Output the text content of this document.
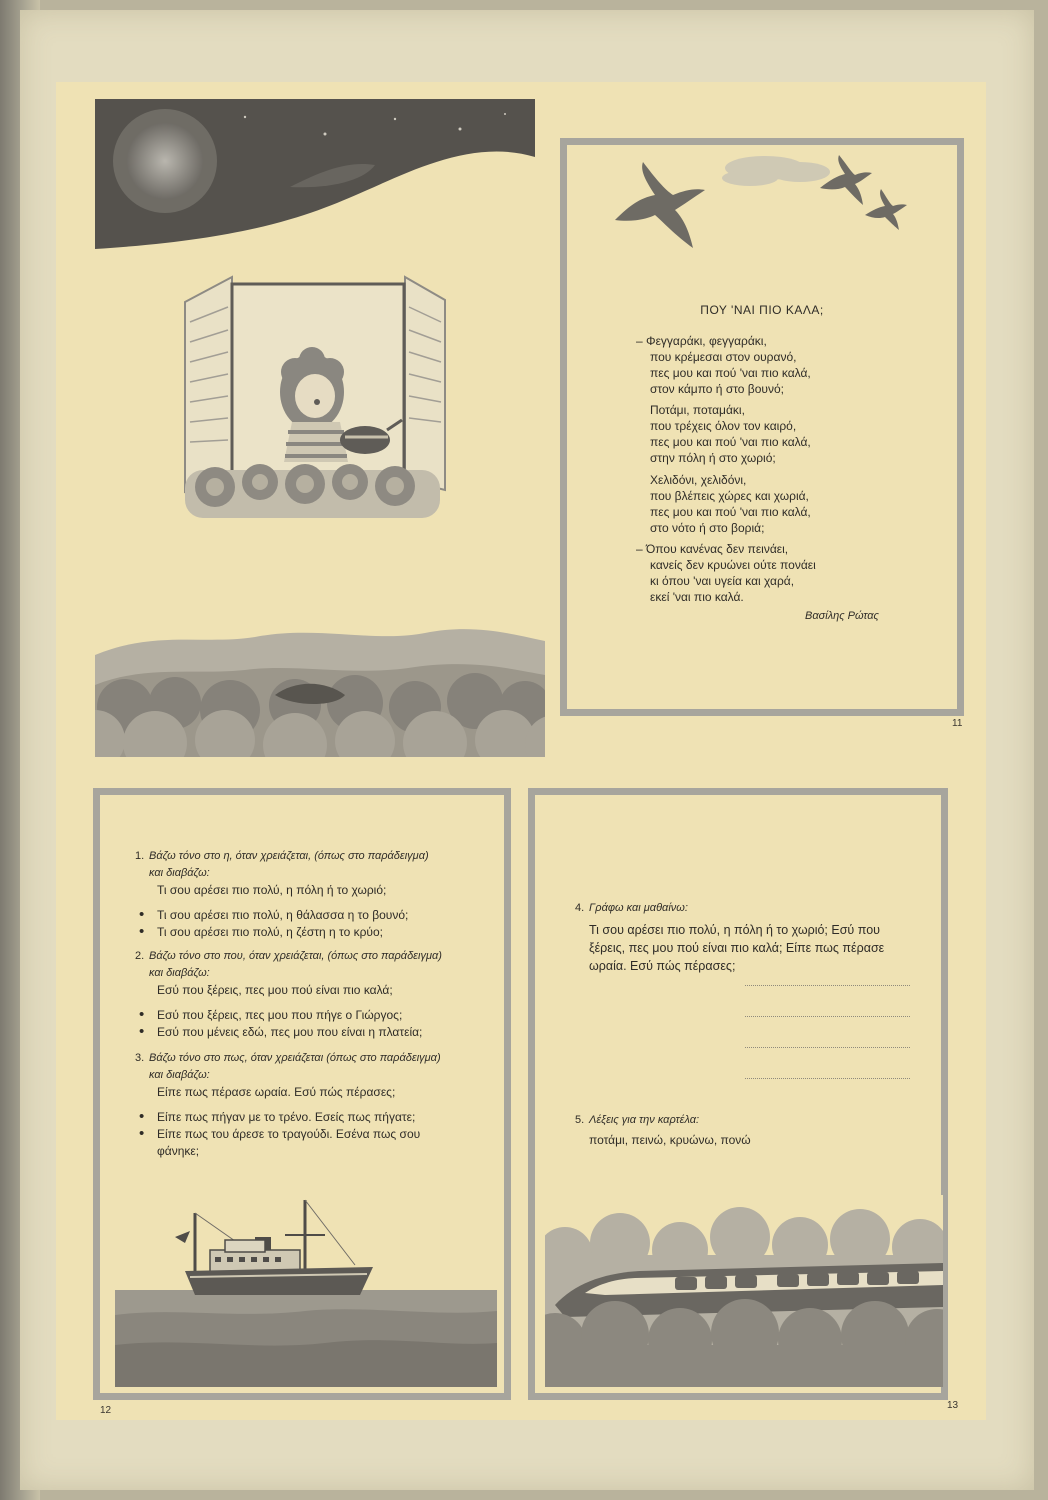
ΠΟΥ 'ΝΑΙ ΠΙΟ ΚΑΛΑ;
– Φεγγαράκι, φεγγαράκι,
που κρέμεσαι στον ουρανό,
πες μου και πού 'ναι πιο καλά,
στον κάμπο ή στο βουνό;
Ποτάμι, ποταμάκι,
που τρέχεις όλον τον καιρό,
πες μου και πού 'ναι πιο καλά,
στην πόλη ή στο χωριό;
Χελιδόνι, χελιδόνι,
που βλέπεις χώρες και χωριά,
πες μου και πού 'ναι πιο καλά,
στο νότο ή στο βοριά;
– Όπου κανένας δεν πεινάει,
κανείς δεν κρυώνει ούτε πονάει
κι όπου 'ναι υγεία και χαρά,
εκεί 'ναι πιο καλά.
Βασίλης Ρώτας
11
1. Βάζω τόνο στο η, όταν χρειάζεται, (όπως στο παράδειγμα)
και διαβάζω:
Τι σου αρέσει πιο πολύ, η πόλη ή το χωριό;
• Τι σου αρέσει πιο πολύ, η θάλασσα η το βουνό;
• Τι σου αρέσει πιο πολύ, η ζέστη η το κρύο;
2. Βάζω τόνο στο που, όταν χρειάζεται, (όπως στο παράδειγμα)
και διαβάζω:
Εσύ που ξέρεις, πες μου πού είναι πιο καλά;
• Εσύ που ξέρεις, πες μου που πήγε ο Γιώργος;
• Εσύ που μένεις εδώ, πες μου που είναι η πλατεία;
3. Βάζω τόνο στο πως, όταν χρειάζεται (όπως στο παράδειγμα)
και διαβάζω:
Είπε πως πέρασε ωραία. Εσύ πώς πέρασες;
• Είπε πως πήγαν με το τρένο. Εσείς πως πήγατε;
• Είπε πως του άρεσε το τραγούδι. Εσένα πως σου
φάνηκε;
12
4. Γράφω και μαθαίνω:
Τι σου αρέσει πιο πολύ, η πόλη ή το χωριό; Εσύ που
ξέρεις, πες μου πού είναι πιο καλά; Είπε πως πέρασε
ωραία. Εσύ πώς πέρασες;
5. Λέξεις για την καρτέλα:
ποτάμι, πεινώ, κρυώνω, πονώ
13
